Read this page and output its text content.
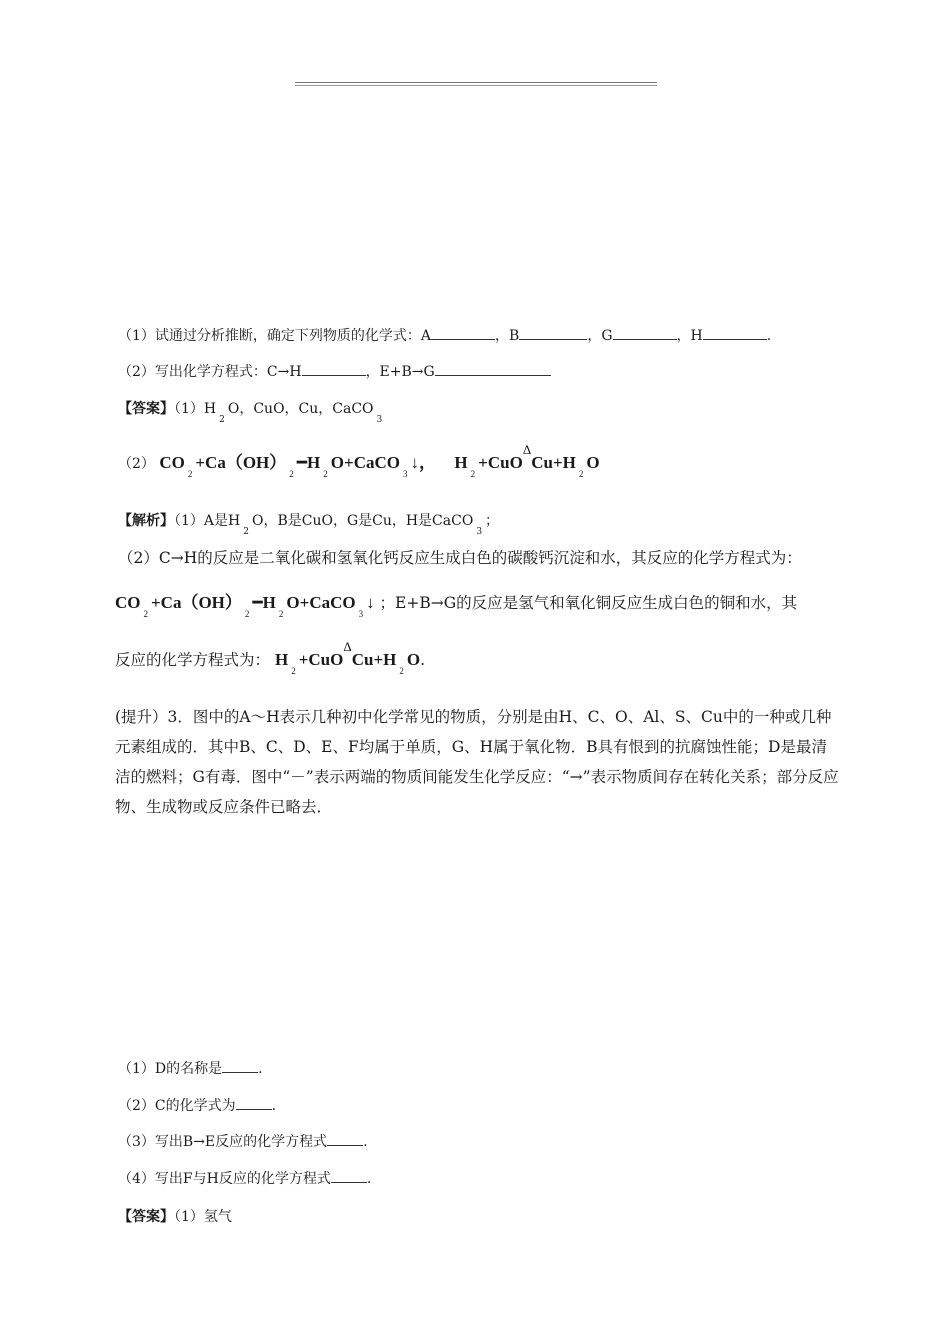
（1）试通过分析推断，确定下列物质的化学式：A	，B	，G	，H	.
（2）写出化学方程式：C→H	，E+B→G
【答案】$(1)H_2O$，CuO，Cu，CaCO$_3$
（2） $CO_2+Ca(OH)_2━H_2O+CaCO_3↓$， $H_2+CuO\Delta Cu+H_2O$
【解析】（1）A是$H_2O$，B是CuO，G是Cu，H是CaCO$_3$；
（2）C→H的反应是二氧化碳和氢氧化钙反应生成白色的碳酸钙沉淀和水，其反应的化学方程式为：
$CO_2+Ca(OH)_2━H_2O+CaCO_3↓$ ；E+B→G的反应是氢气和氧化铜反应生成白色的铜和水，其
反应的化学方程式为： $H_2+CuO\Delta Cu+H_2O$.
(提升）3．图中的A～H表示几种初中化学常见的物质，分别是由H、C、O、Al、S、Cu中的一种或几种元素组成的．其中B、C、D、E、F均属于单质，G、H属于氧化物．B具有恨到的抗腐蚀性能；D是最清洁的燃料；G有毒．图中“－”表示两端的物质间能发生化学反应：“→”表示物质间存在转化关系；部分反应物、生成物或反应条件已略去．
（1）D的名称是	.
（2）C的化学式为	.
（3）写出B→E反应的化学方程式	.
（4）写出F与H反应的化学方程式	.
【答案】（1）氢气
